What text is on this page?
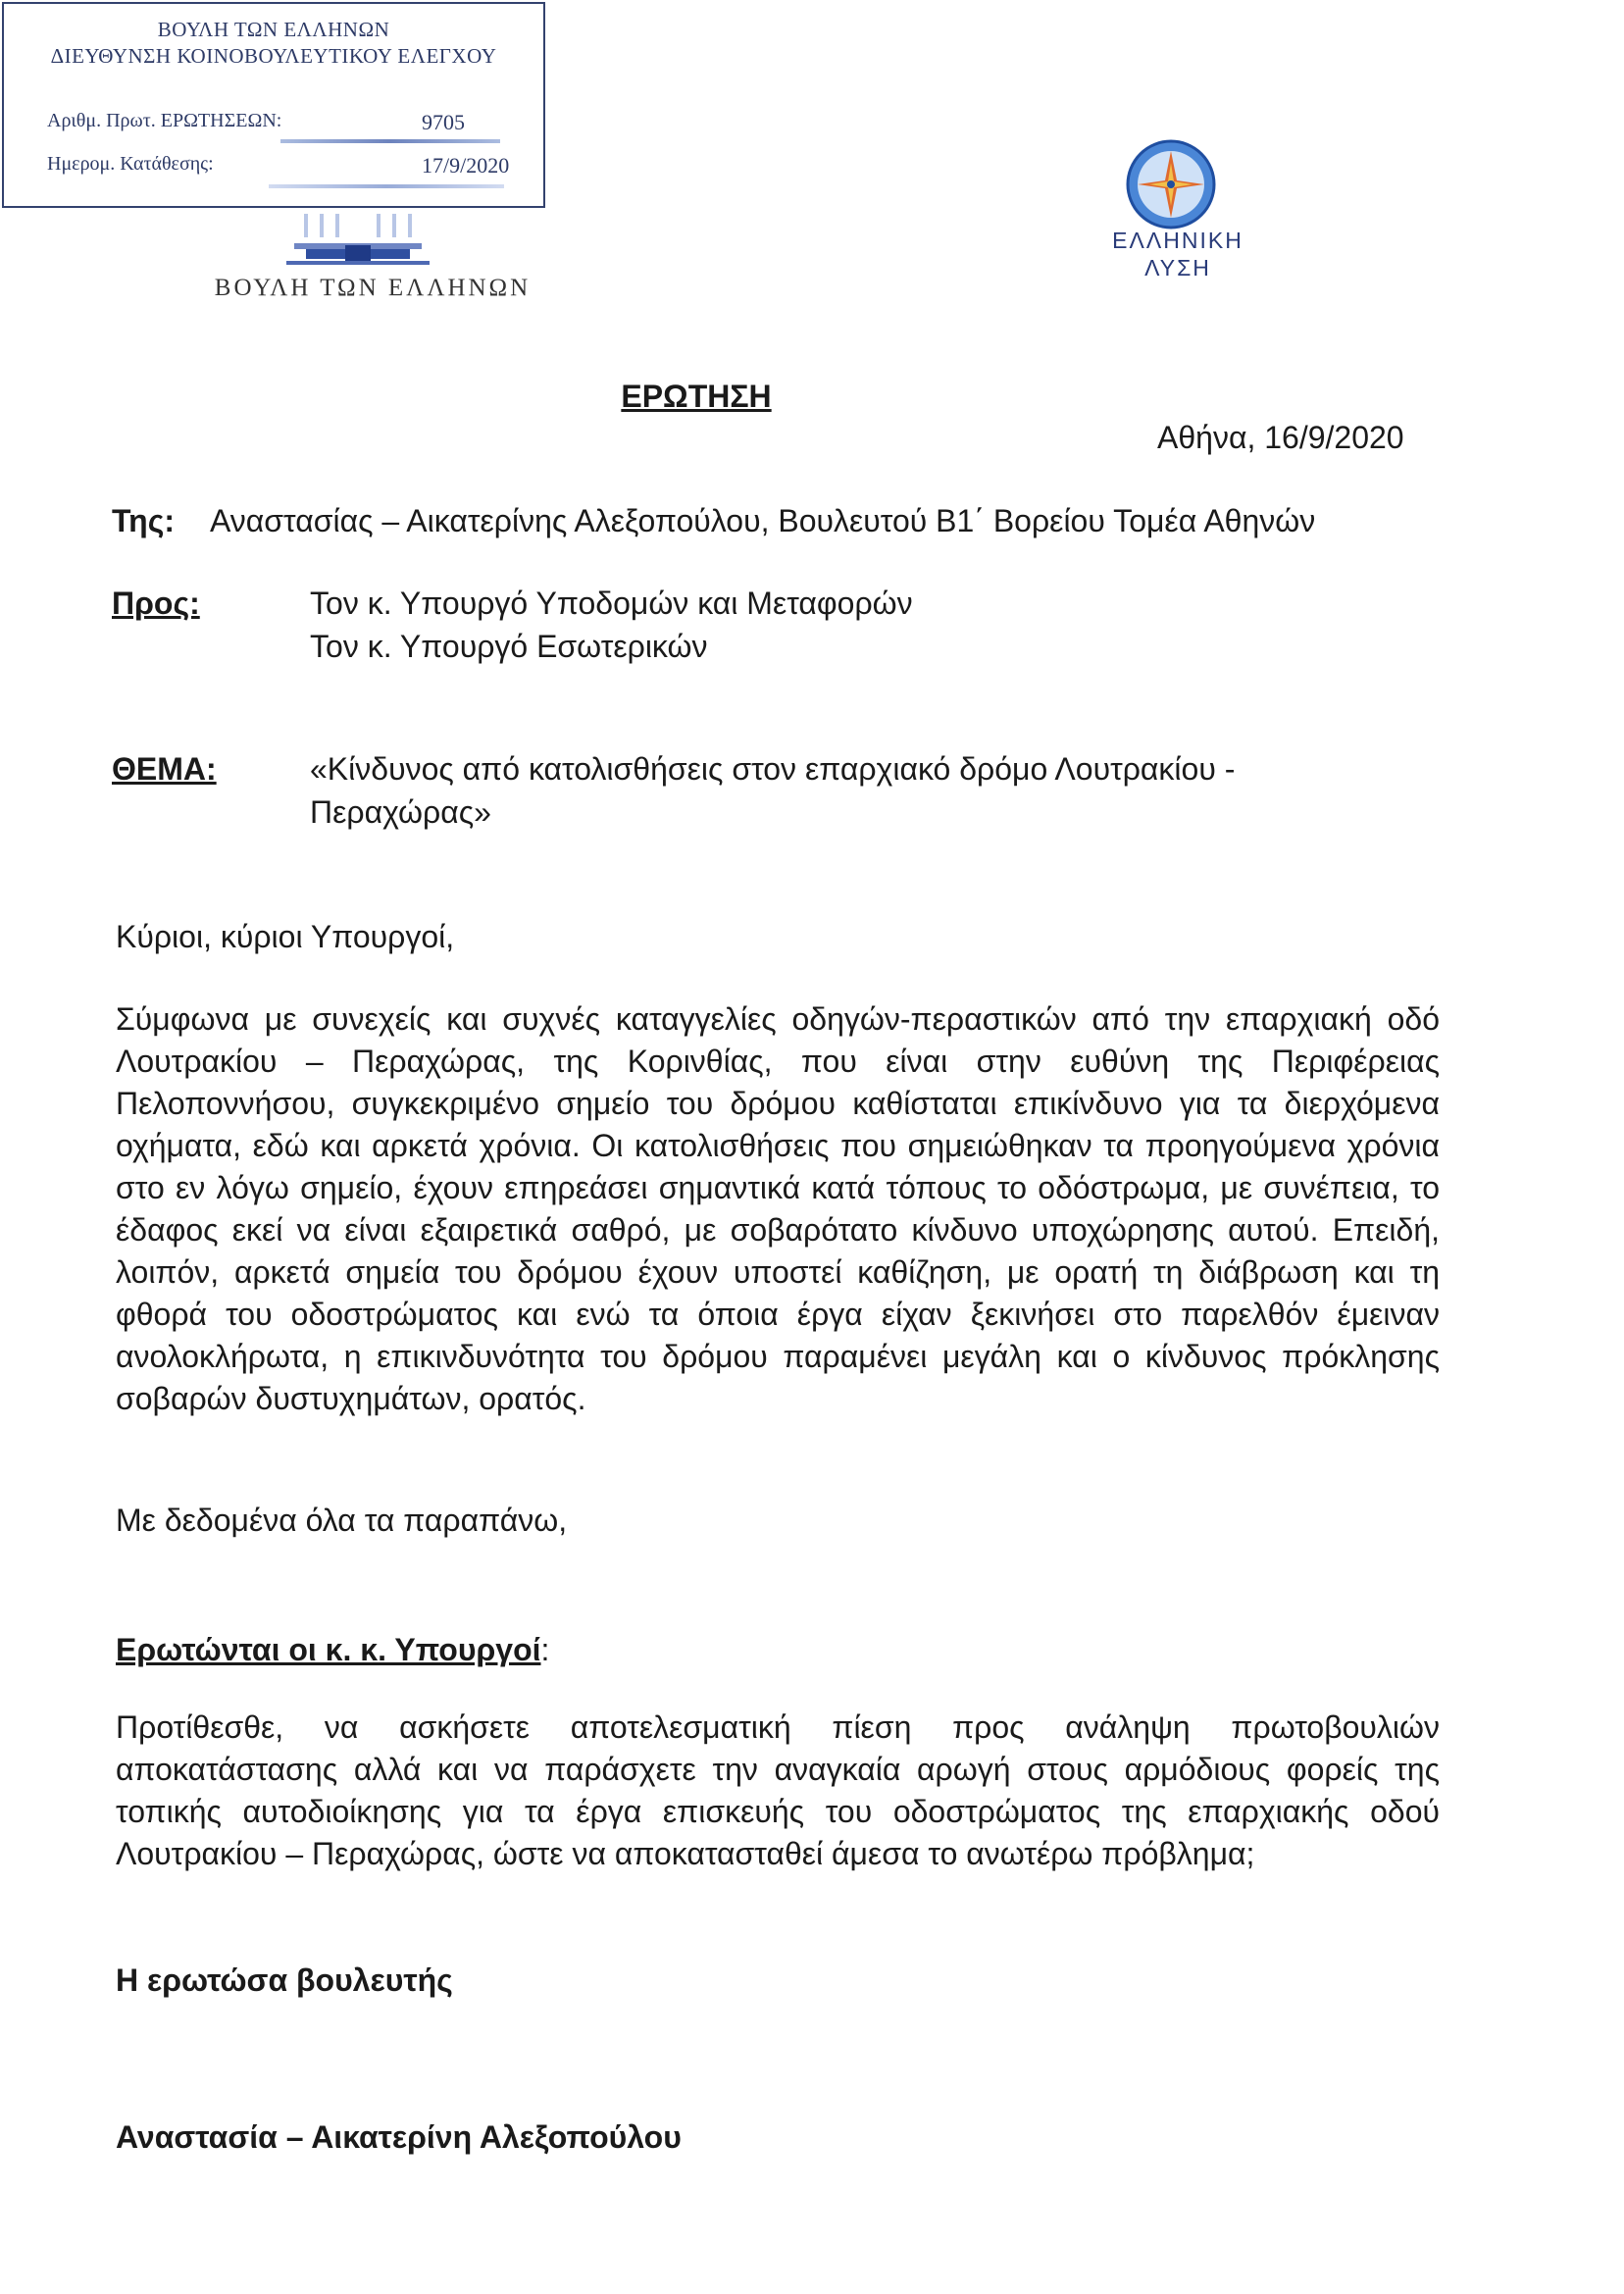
ΒΟΥΛΗ ΤΩΝ ΕΛΛΗΝΩΝ
ΔΙΕΥΘΥΝΣΗ ΚΟΙΝΟΒΟΥΛΕΥΤΙΚΟΥ ΕΛΕΓΧΟΥ
Αριθμ. Πρωτ. ΕΡΩΤΗΣΕΩΝ:	9705
Ημερομ. Κατάθεσης:	17/9/2020
ΒΟΥΛΗ ΤΩΝ ΕΛΛΗΝΩΝ
ΕΛΛΗΝΙΚΗ
ΛΥΣΗ
ΕΡΩΤΗΣΗ
Αθήνα, 16/9/2020
Της: Αναστασίας – Αικατερίνης Αλεξοπούλου, Βουλευτού Β1΄ Βορείου Τομέα Αθηνών
Προς:	Τον κ. Υπουργό Υποδομών και Μεταφορών
Τον κ. Υπουργό Εσωτερικών
ΘΕΜΑ:	«Κίνδυνος από κατολισθήσεις στον επαρχιακό δρόμο Λουτρακίου -
Περαχώρας»
Κύριοι, κύριοι Υπουργοί,
Σύμφωνα με συνεχείς και συχνές καταγγελίες οδηγών-περαστικών από την επαρχιακή οδό Λουτρακίου – Περαχώρας, της Κορινθίας, που είναι στην ευθύνη της Περιφέρειας Πελοποννήσου, συγκεκριμένο σημείο του δρόμου καθίσταται επικίνδυνο για τα διερχόμενα οχήματα, εδώ και αρκετά χρόνια. Οι κατολισθήσεις που σημειώθηκαν τα προηγούμενα χρόνια στο εν λόγω σημείο, έχουν επηρεάσει σημαντικά κατά τόπους το οδόστρωμα, με συνέπεια, το έδαφος εκεί να είναι εξαιρετικά σαθρό, με σοβαρότατο κίνδυνο υποχώρησης αυτού. Επειδή, λοιπόν, αρκετά σημεία του δρόμου έχουν υποστεί καθίζηση, με ορατή τη διάβρωση και τη φθορά του οδοστρώματος και ενώ τα όποια έργα είχαν ξεκινήσει στο παρελθόν έμειναν ανολοκλήρωτα, η επικινδυνότητα του δρόμου παραμένει μεγάλη και ο κίνδυνος πρόκλησης σοβαρών δυστυχημάτων, ορατός.
Με δεδομένα όλα τα παραπάνω,
Ερωτώνται οι κ. κ. Υπουργοί:
Προτίθεσθε, να ασκήσετε αποτελεσματική πίεση προς ανάληψη πρωτοβουλιών αποκατάστασης αλλά και να παράσχετε την αναγκαία αρωγή στους αρμόδιους φορείς της τοπικής αυτοδιοίκησης για τα έργα επισκευής του οδοστρώματος της επαρχιακής οδού Λουτρακίου – Περαχώρας, ώστε να αποκατασταθεί άμεσα το ανωτέρω πρόβλημα;
Η ερωτώσα βουλευτής
Αναστασία – Αικατερίνη Αλεξοπούλου
